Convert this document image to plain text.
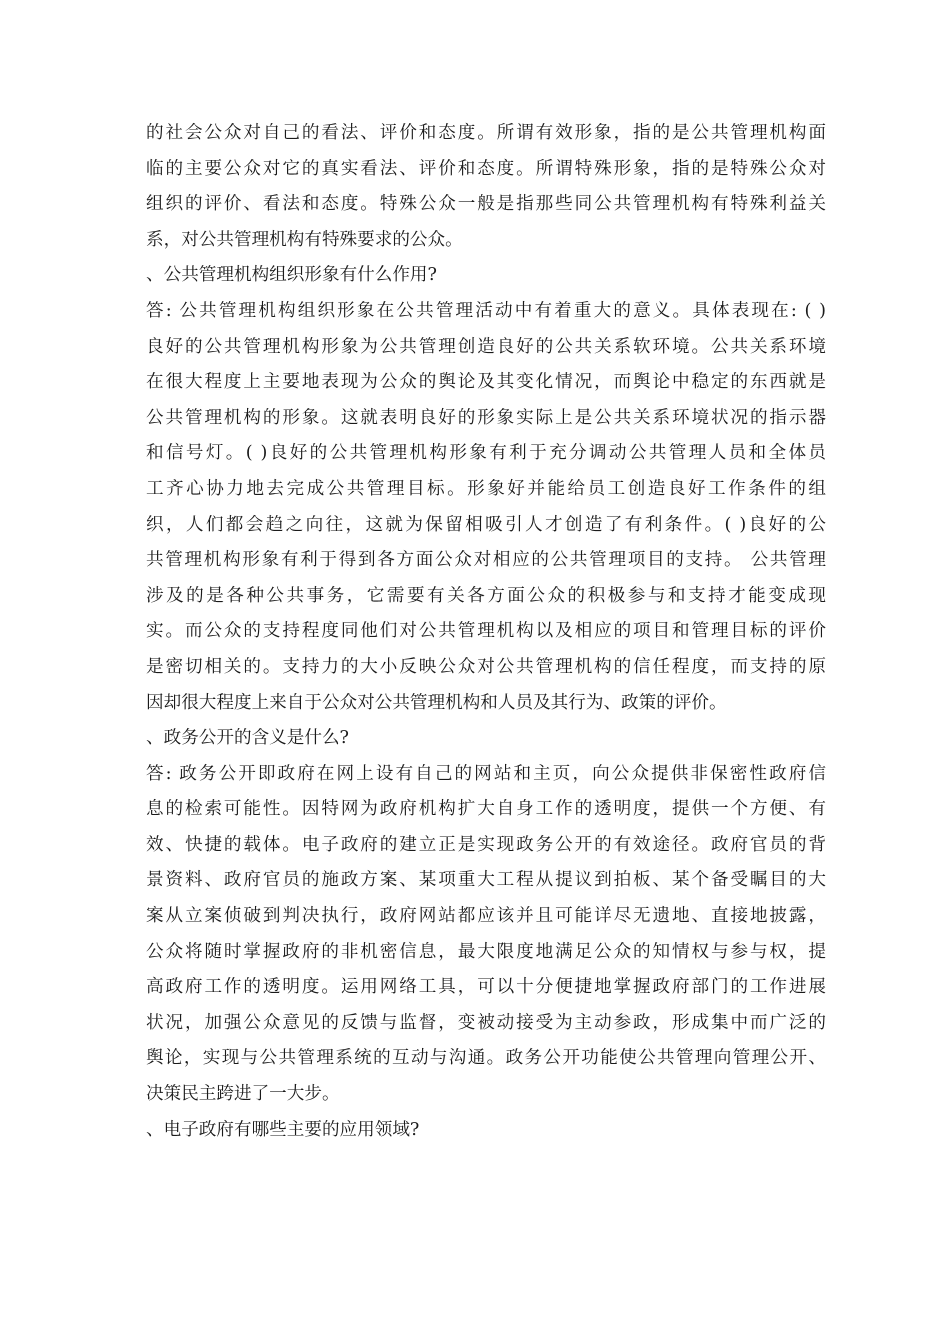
的社会公众对自己的看法、评价和态度。所谓有效形象，指的是公共管理机构面
临的主要公众对它的真实看法、评价和态度。所谓特殊形象，指的是特殊公众对
组织的评价、看法和态度。特殊公众一般是指那些同公共管理机构有特殊利益关
系，对公共管理机构有特殊要求的公众。
、公共管理机构组织形象有什么作用?
答: 公共管理机构组织形象在公共管理活动中有着重大的意义。具体表现在: ( )
良好的公共管理机构形象为公共管理创造良好的公共关系软环境。公共关系环境
在很大程度上主要地表现为公众的舆论及其变化情况，而舆论中稳定的东西就是
公共管理机构的形象。这就表明良好的形象实际上是公共关系环境状况的指示器
和信号灯。( )良好的公共管理机构形象有利于充分调动公共管理人员和全体员
工齐心协力地去完成公共管理目标。形象好并能给员工创造良好工作条件的组
织，人们都会趋之向往，这就为保留相吸引人才创造了有利条件。( )良好的公
共管理机构形象有利于得到各方面公众对相应的公共管理项目的支持。 公共管理
涉及的是各种公共事务，它需要有关各方面公众的积极参与和支持才能变成现
实。而公众的支持程度同他们对公共管理机构以及相应的项目和管理目标的评价
是密切相关的。支持力的大小反映公众对公共管理机构的信任程度，而支持的原
因却很大程度上来自于公众对公共管理机构和人员及其行为、政策的评价。
、政务公开的含义是什么?
答: 政务公开即政府在网上设有自己的网站和主页，向公众提供非保密性政府信
息的检索可能性。因特网为政府机构扩大自身工作的透明度，提供一个方便、有
效、快捷的载体。电子政府的建立正是实现政务公开的有效途径。政府官员的背
景资料、政府官员的施政方案、某项重大工程从提议到拍板、某个备受瞩目的大
案从立案侦破到判决执行，政府网站都应该并且可能详尽无遗地、直接地披露，
公众将随时掌握政府的非机密信息，最大限度地满足公众的知情权与参与权，提
高政府工作的透明度。运用网络工具，可以十分便捷地掌握政府部门的工作进展
状况，加强公众意见的反馈与监督，变被动接受为主动参政，形成集中而广泛的
舆论，实现与公共管理系统的互动与沟通。政务公开功能使公共管理向管理公开、
决策民主跨进了一大步。
、电子政府有哪些主要的应用领域?
